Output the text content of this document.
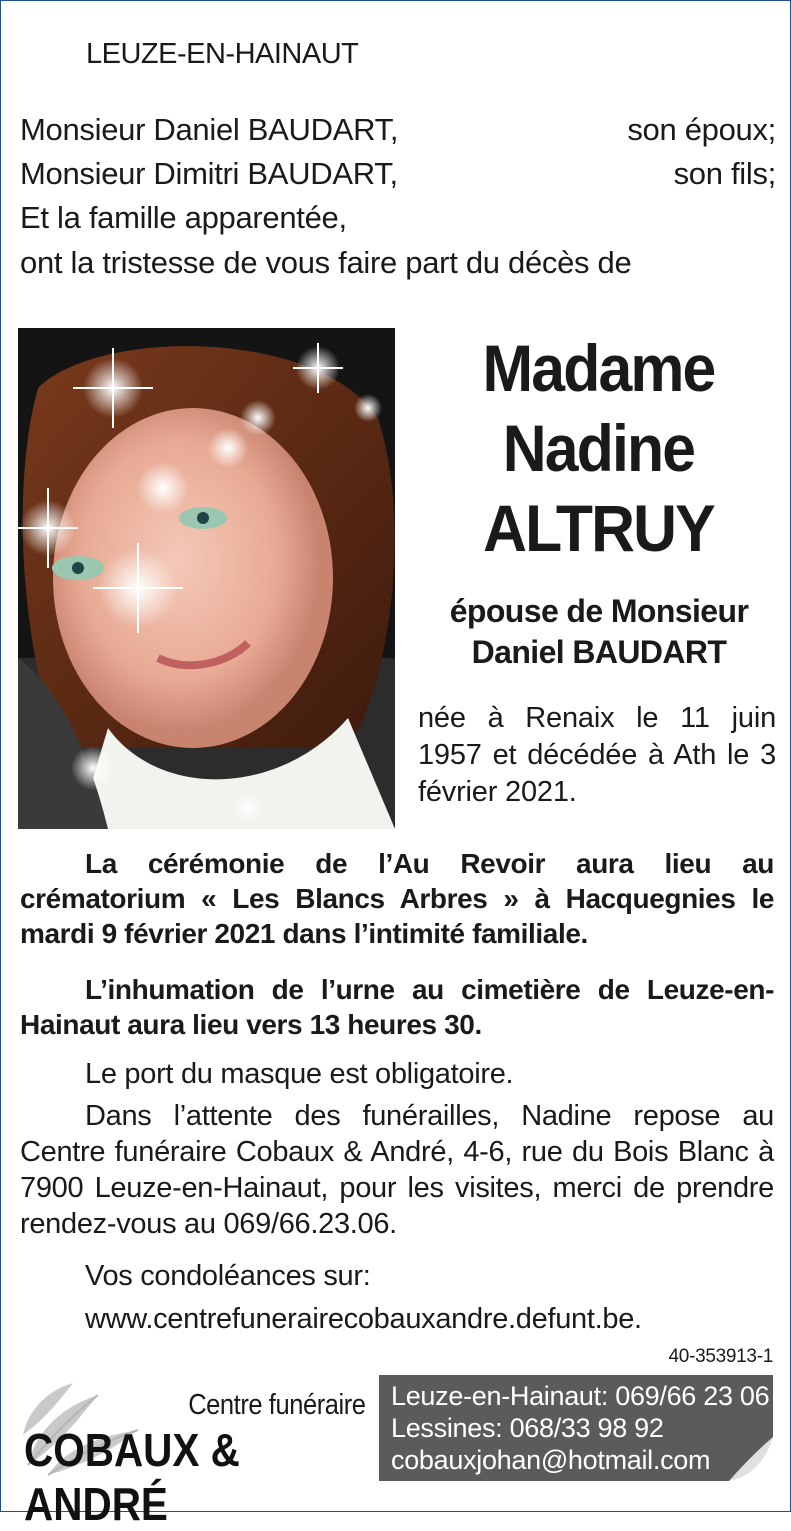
LEUZE-EN-HAINAUT
Monsieur Daniel BAUDART,	son époux;
Monsieur Dimitri BAUDART,	son fils;
Et la famille apparentée,
ont la tristesse de vous faire part du décès de
Madame
Nadine
ALTRUY
épouse de Monsieur
Daniel BAUDART
née à Renaix le 11 juin 1957 et décédée à Ath le 3 février 2021.
La cérémonie de l’Au Revoir aura lieu au crématorium « Les Blancs Arbres » à Hacquegnies le mardi 9 février 2021 dans l’intimité familiale.
L’inhumation de l’urne au cimetière de Leuze-en-Hainaut aura lieu vers 13 heures 30.
Le port du masque est obligatoire.
Dans l’attente des funérailles, Nadine repose au Centre funéraire Cobaux & André, 4-6, rue du Bois Blanc à 7900 Leuze-en-Hainaut, pour les visites, merci de prendre rendez-vous au 069/66.23.06.
Vos condoléances sur:
www.centrefunerairecobauxandre.defunt.be.
40-353913-1
Centre funéraire
COBAUX & ANDRÉ
Leuze-en-Hainaut: 069/66 23 06
Lessines: 068/33 98 92
cobauxjohan@hotmail.com
